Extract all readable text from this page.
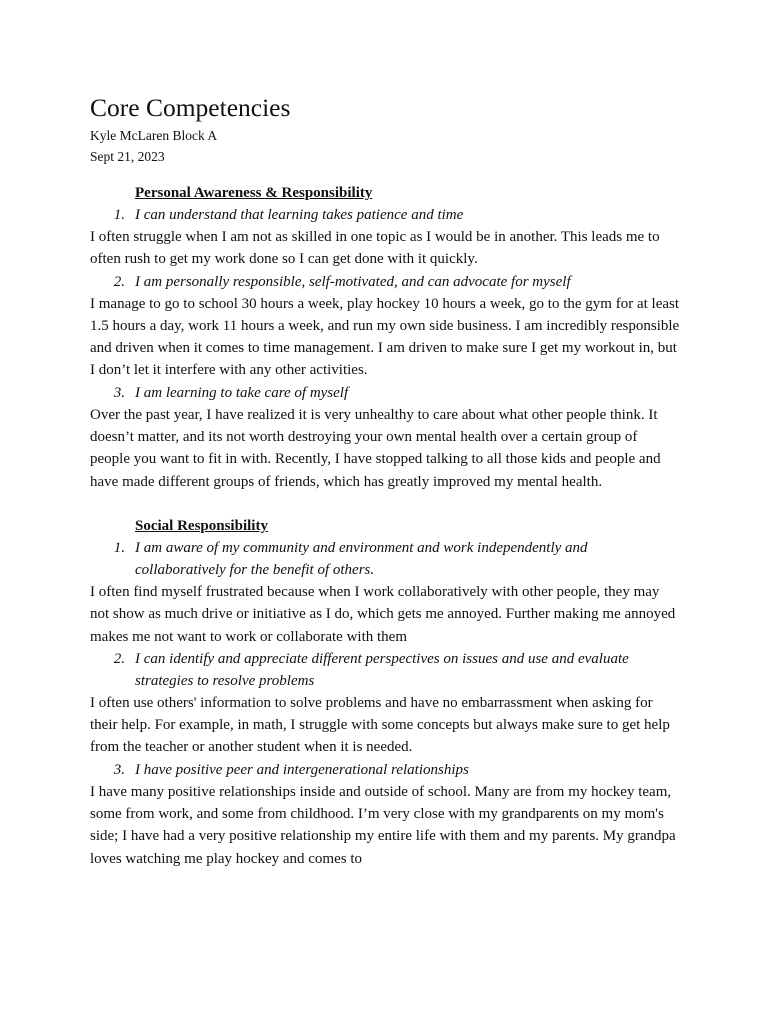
Core Competencies

Kyle McLaren Block A

Sept 21, 2023

Personal Awareness & Responsibility

1. I can understand that learning takes patience and time

I often struggle when I am not as skilled in one topic as I would be in another. This leads me to often rush to get my work done so I can get done with it quickly.

2. I am personally responsible, self-motivated, and can advocate for myself

I manage to go to school 30 hours a week, play hockey 10 hours a week, go to the gym for at least 1.5 hours a day, work 11 hours a week, and run my own side business. I am incredibly responsible and driven when it comes to time management. I am driven to make sure I get my workout in, but I don’t let it interfere with any other activities.

3. I am learning to take care of myself

Over the past year, I have realized it is very unhealthy to care about what other people think. It doesn’t matter, and its not worth destroying your own mental health over a certain group of people you want to fit in with. Recently, I have stopped talking to all those kids and people and have made different groups of friends, which has greatly improved my mental health.

Social Responsibility

1. I am aware of my community and environment and work independently and collaboratively for the benefit of others.

I often find myself frustrated because when I work collaboratively with other people, they may not show as much drive or initiative as I do, which gets me annoyed. Further making me annoyed makes me not want to work or collaborate with them

2. I can identify and appreciate different perspectives on issues and use and evaluate strategies to resolve problems

I often use others' information to solve problems and have no embarrassment when asking for their help. For example, in math, I struggle with some concepts but always make sure to get help from the teacher or another student when it is needed.

3. I have positive peer and intergenerational relationships

I have many positive relationships inside and outside of school. Many are from my hockey team, some from work, and some from childhood. I’m very close with my grandparents on my mom's side; I have had a very positive relationship my entire life with them and my parents. My grandpa loves watching me play hockey and comes to
